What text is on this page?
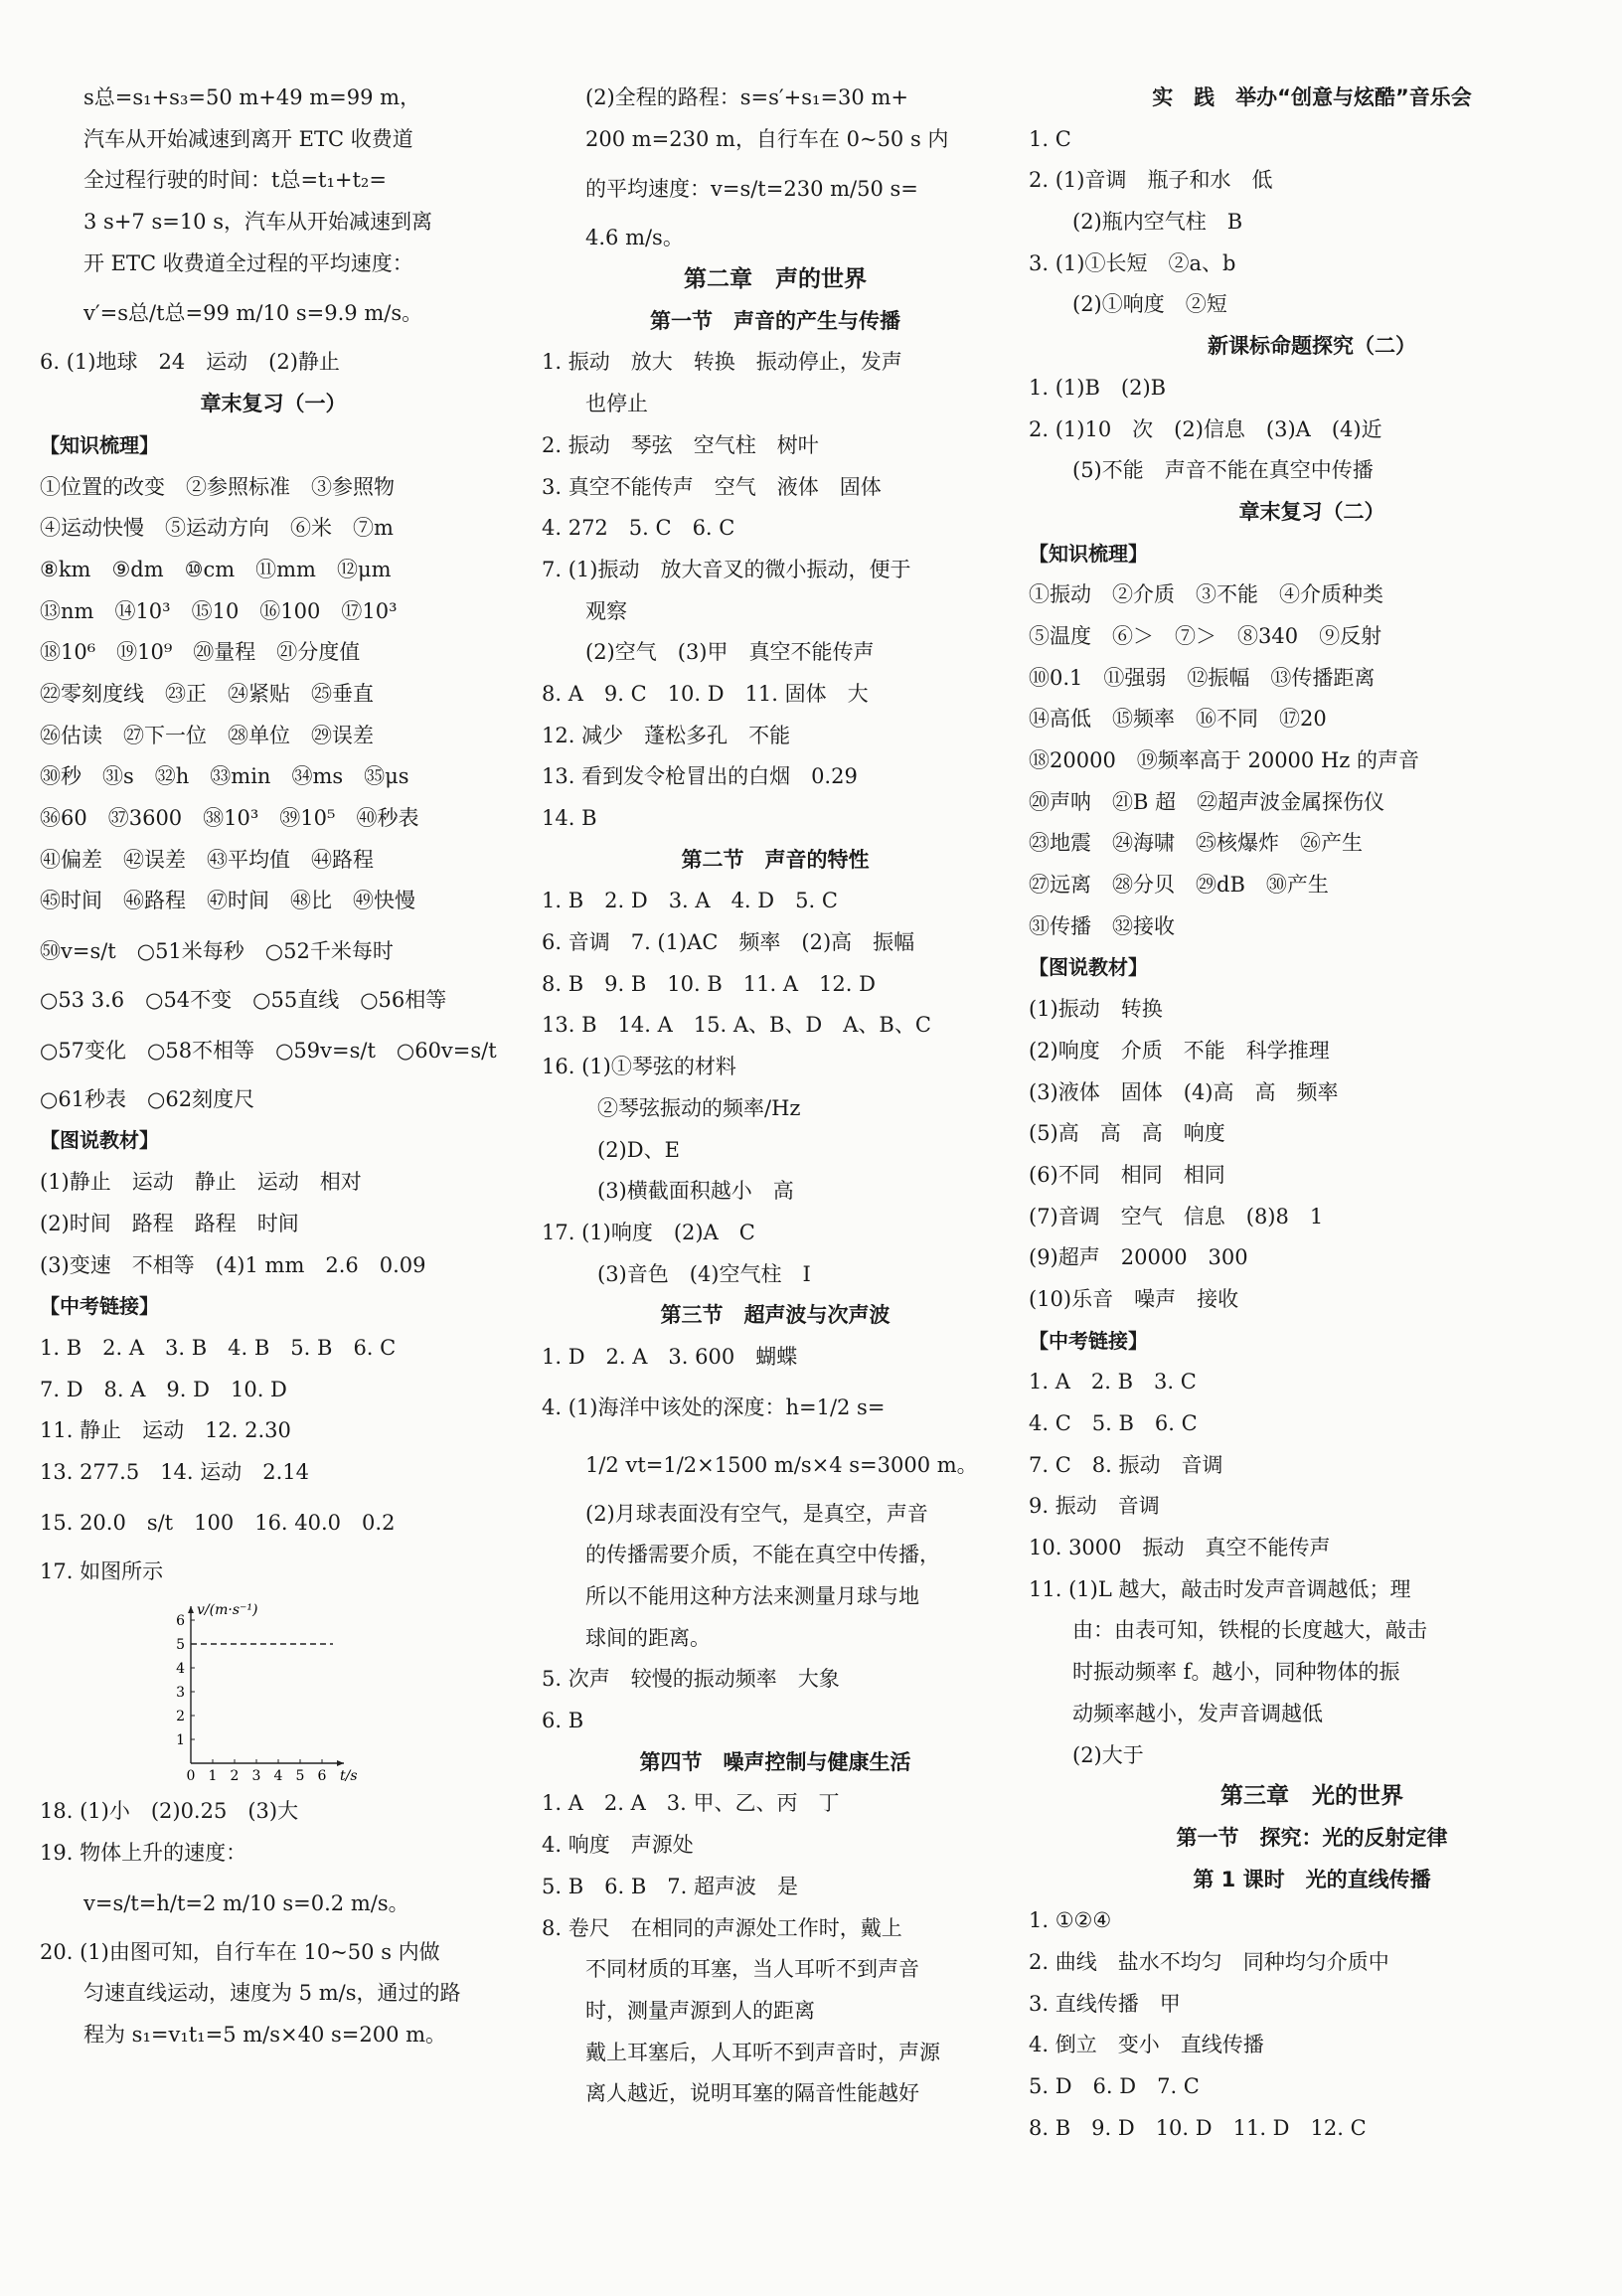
s总=s₁+s₃=50 m+49 m=99 m，
汽车从开始减速到离开 ETC 收费道
全过程行驶的时间：t总=t₁+t₂=
3 s+7 s=10 s，汽车从开始减速到离
开 ETC 收费道全过程的平均速度：
v′=s总/t总=99 m/10 s=9.9 m/s。
6. (1)地球　24　运动　(2)静止
章末复习（一）
【知识梳理】
①位置的改变　②参照标准　③参照物
④运动快慢　⑤运动方向　⑥米　⑦m
⑧km　⑨dm　⑩cm　⑪mm　⑫μm
⑬nm　⑭10³　⑮10　⑯100　⑰10³
⑱10⁶　⑲10⁹　⑳量程　㉑分度值
㉒零刻度线　㉓正　㉔紧贴　㉕垂直
㉖估读　㉗下一位　㉘单位　㉙误差
㉚秒　㉛s　㉜h　㉝min　㉞ms　㉟μs
㊱60　㊲3600　㊳10³　㊴10⁵　㊵秒表
㊶偏差　㊷误差　㊸平均值　㊹路程
㊺时间　㊻路程　㊼时间　㊽比　㊾快慢
㊿v=s/t　○51米每秒　○52千米每时
○53 3.6　○54不变　○55直线　○56相等
○57变化　○58不相等　○59v=s/t　○60v=s/t
○61秒表　○62刻度尺
【图说教材】
(1)静止　运动　静止　运动　相对
(2)时间　路程　路程　时间
(3)变速　不相等　(4)1 mm　2.6　0.09
【中考链接】
1. B　2. A　3. B　4. B　5. B　6. C
7. D　8. A　9. D　10. D
11. 静止　运动　12. 2.30
13. 277.5　14. 运动　2.14
15. 20.0　s/t　100　16. 40.0　0.2
17. 如图所示
1
2
3
4
5
6
0 1 2 3 4 5 6
v/(m·s⁻¹)
t/s
18. (1)小　(2)0.25　(3)大
19. 物体上升的速度：
v=s/t=h/t=2 m/10 s=0.2 m/s。
20. (1)由图可知，自行车在 10~50 s 内做
匀速直线运动，速度为 5 m/s，通过的路
程为 s₁=v₁t₁=5 m/s×40 s=200 m。
(2)全程的路程：s=s′+s₁=30 m+
200 m=230 m，自行车在 0~50 s 内
的平均速度：v=s/t=230 m/50 s=
4.6 m/s。
第二章　声的世界
第一节　声音的产生与传播
1. 振动　放大　转换　振动停止，发声
也停止
2. 振动　琴弦　空气柱　树叶
3. 真空不能传声　空气　液体　固体
4. 272　5. C　6. C
7. (1)振动　放大音叉的微小振动，便于
观察
(2)空气　(3)甲　真空不能传声
8. A　9. C　10. D　11. 固体　大
12. 减少　蓬松多孔　不能
13. 看到发令枪冒出的白烟　0.29
14. B
第二节　声音的特性
1. B　2. D　3. A　4. D　5. C
6. 音调　7. (1)AC　频率　(2)高　振幅
8. B　9. B　10. B　11. A　12. D
13. B　14. A　15. A、B、D　A、B、C
16. (1)①琴弦的材料
②琴弦振动的频率/Hz
(2)D、E
(3)横截面积越小　高
17. (1)响度　(2)A　C
(3)音色　(4)空气柱　Ⅰ
第三节　超声波与次声波
1. D　2. A　3. 600　蝴蝶
4. (1)海洋中该处的深度：h=1/2 s=
1/2 vt=1/2×1500 m/s×4 s=3000 m。
(2)月球表面没有空气，是真空，声音
的传播需要介质，不能在真空中传播，
所以不能用这种方法来测量月球与地
球间的距离。
5. 次声　较慢的振动频率　大象
6. B
第四节　噪声控制与健康生活
1. A　2. A　3. 甲、乙、丙　丁
4. 响度　声源处
5. B　6. B　7. 超声波　是
8. 卷尺　在相同的声源处工作时，戴上
不同材质的耳塞，当人耳听不到声音
时，测量声源到人的距离
戴上耳塞后，人耳听不到声音时，声源
离人越近，说明耳塞的隔音性能越好
实　践　举办“创意与炫酷”音乐会
1. C
2. (1)音调　瓶子和水　低
(2)瓶内空气柱　B
3. (1)①长短　②a、b
(2)①响度　②短
新课标命题探究（二）
1. (1)B　(2)B
2. (1)10　次　(2)信息　(3)A　(4)近
(5)不能　声音不能在真空中传播
章末复习（二）
【知识梳理】
①振动　②介质　③不能　④介质种类
⑤温度　⑥＞　⑦＞　⑧340　⑨反射
⑩0.1　⑪强弱　⑫振幅　⑬传播距离
⑭高低　⑮频率　⑯不同　⑰20
⑱20000　⑲频率高于 20000 Hz 的声音
⑳声呐　㉑B 超　㉒超声波金属探伤仪
㉓地震　㉔海啸　㉕核爆炸　㉖产生
㉗远离　㉘分贝　㉙dB　㉚产生
㉛传播　㉜接收
【图说教材】
(1)振动　转换
(2)响度　介质　不能　科学推理
(3)液体　固体　(4)高　高　频率
(5)高　高　高　响度
(6)不同　相同　相同
(7)音调　空气　信息　(8)8　1
(9)超声　20000　300
(10)乐音　噪声　接收
【中考链接】
1. A　2. B　3. C
4. C　5. B　6. C
7. C　8. 振动　音调
9. 振动　音调
10. 3000　振动　真空不能传声
11. (1)L 越大，敲击时发声音调越低；理
由：由表可知，铁棍的长度越大，敲击
时振动频率 f。越小，同种物体的振
动频率越小，发声音调越低
(2)大于
第三章　光的世界
第一节　探究：光的反射定律
第 1 课时　光的直线传播
1. ①②④
2. 曲线　盐水不均匀　同种均匀介质中
3. 直线传播　甲
4. 倒立　变小　直线传播
5. D　6. D　7. C
8. B　9. D　10. D　11. D　12. C
